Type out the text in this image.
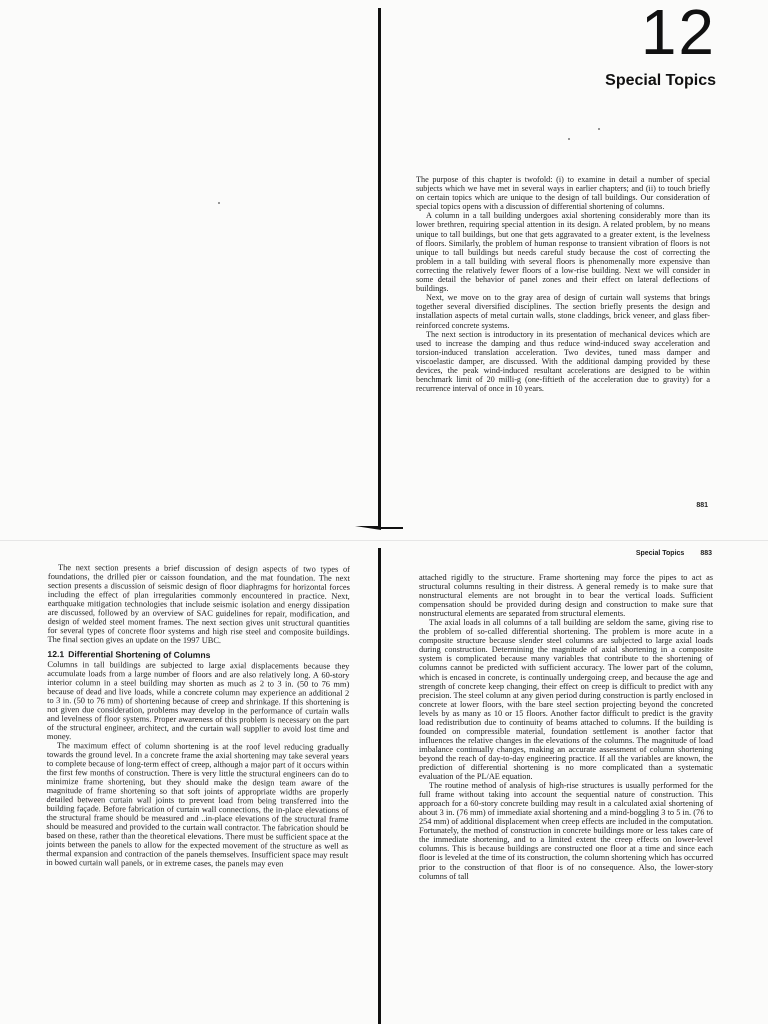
12
Special Topics

The purpose of this chapter is twofold: (i) to examine in detail a number of special subjects which we have met in several ways in earlier chapters; and (ii) to touch briefly on certain topics which are unique to the design of tall buildings. Our consideration of special topics opens with a discussion of differential shortening of columns.

A column in a tall building undergoes axial shortening considerably more than its lower brethren, requiring special attention in its design. A related problem, by no means unique to tall buildings, but one that gets aggravated to a greater extent, is the levelness of floors. Similarly, the problem of human response to transient vibration of floors is not unique to tall buildings but needs careful study because the cost of correcting the problem in a tall building with several floors is phenomenally more expensive than correcting the relatively fewer floors of a low-rise building. Next we will consider in some detail the behavior of panel zones and their effect on lateral deflections of buildings.

Next, we move on to the gray area of design of curtain wall systems that brings together several diversified disciplines. The section briefly presents the design and installation aspects of metal curtain walls, stone claddings, brick veneer, and glass fiber-reinforced concrete systems.

The next section is introductory in its presentation of mechanical devices which are used to increase the damping and thus reduce wind-induced sway acceleration and torsion-induced translation acceleration. Two devices, tuned mass damper and viscoelastic damper, are discussed. With the additional damping provided by these devices, the peak wind-induced resultant accelerations are designed to be within benchmark limit of 20 milli-g (one-fiftieth of the acceleration due to gravity) for a recurrence interval of once in 10 years.

881
Special Topics 883

The next section presents a brief discussion of design aspects of two types of foundations, the drilled pier or caisson foundation, and the mat foundation. The next section presents a discussion of seismic design of floor diaphragms for horizontal forces including the effect of plan irregularities commonly encountered in practice. Next, earthquake mitigation technologies that include seismic isolation and energy dissipation are discussed, followed by an overview of SAC guidelines for repair, modification, and design of welded steel moment frames. The next section gives unit structural quantities for several types of concrete floor systems and high rise steel and composite buildings. The final section gives an update on the 1997 UBC.

12.1 Differential Shortening of Columns

Columns in tall buildings are subjected to large axial displacements because they accumulate loads from a large number of floors and are also relatively long. A 60-story interior column in a steel building may shorten as much as 2 to 3 in. (50 to 76 mm) because of dead and live loads, while a concrete column may experience an additional 2 to 3 in. (50 to 76 mm) of shortening because of creep and shrinkage. If this shortening is not given due consideration, problems may develop in the performance of curtain walls and levelness of floor systems. Proper awareness of this problem is necessary on the part of the structural engineer, architect, and the curtain wall supplier to avoid lost time and money.

The maximum effect of column shortening is at the roof level reducing gradually towards the ground level. In a concrete frame the axial shortening may take several years to complete because of long-term effect of creep, although a major part of it occurs within the first few months of construction. There is very little the structural engineers can do to minimize frame shortening, but they should make the design team aware of the magnitude of frame shortening so that soft joints of appropriate widths are properly detailed between curtain wall joints to prevent load from being transferred into the building façade. Before fabrication of curtain wall connections, the in-place elevations of the structural frame should be measured and ..in-place elevations of the structural frame should be measured and provided to the curtain wall contractor. The fabrication should be based on these, rather than the theoretical elevations. There must be sufficient space at the joints between the panels to allow for the expected movement of the structure as well as thermal expansion and contraction of the panels themselves. Insufficient space may result in bowed curtain wall panels, or in extreme cases, the panels may even

attached rigidly to the structure. Frame shortening may force the pipes to act as structural columns resulting in their distress. A general remedy is to make sure that nonstructural elements are not brought in to bear the vertical loads. Sufficient compensation should be provided during design and construction to make sure that nonstructural elements are separated from structural elements.

The axial loads in all columns of a tall building are seldom the same, giving rise to the problem of so-called differential shortening. The problem is more acute in a composite structure because slender steel columns are subjected to large axial loads during construction. Determining the magnitude of axial shortening in a composite system is complicated because many variables that contribute to the shortening of columns cannot be predicted with sufficient accuracy. The lower part of the column, which is encased in concrete, is continually undergoing creep, and because the age and strength of concrete keep changing, their effect on creep is difficult to predict with any precision. The steel column at any given period during construction is partly enclosed in concrete at lower floors, with the bare steel section projecting beyond the concreted levels by as many as 10 or 15 floors. Another factor difficult to predict is the gravity load redistribution due to continuity of beams attached to columns. If the building is founded on compressible material, foundation settlement is another factor that influences the relative changes in the elevations of the columns. The magnitude of load imbalance continually changes, making an accurate assessment of column shortening beyond the reach of day-to-day engineering practice. If all the variables are known, the prediction of differential shortening is no more complicated than a systematic evaluation of the PL/AE equation.

The routine method of analysis of high-rise structures is usually performed for the full frame without taking into account the sequential nature of construction. This approach for a 60-story concrete building may result in a calculated axial shortening of about 3 in. (76 mm) of immediate axial shortening and a mind-boggling 3 to 5 in. (76 to 254 mm) of additional displacement when creep effects are included in the computation. Fortunately, the method of construction in concrete buildings more or less takes care of the immediate shortening, and to a limited extent the creep effects on lower-level columns. This is because buildings are constructed one floor at a time and since each floor is leveled at the time of its construction, the column shortening which has occurred prior to the construction of that floor is of no consequence. Also, the lower-story columns of tall
